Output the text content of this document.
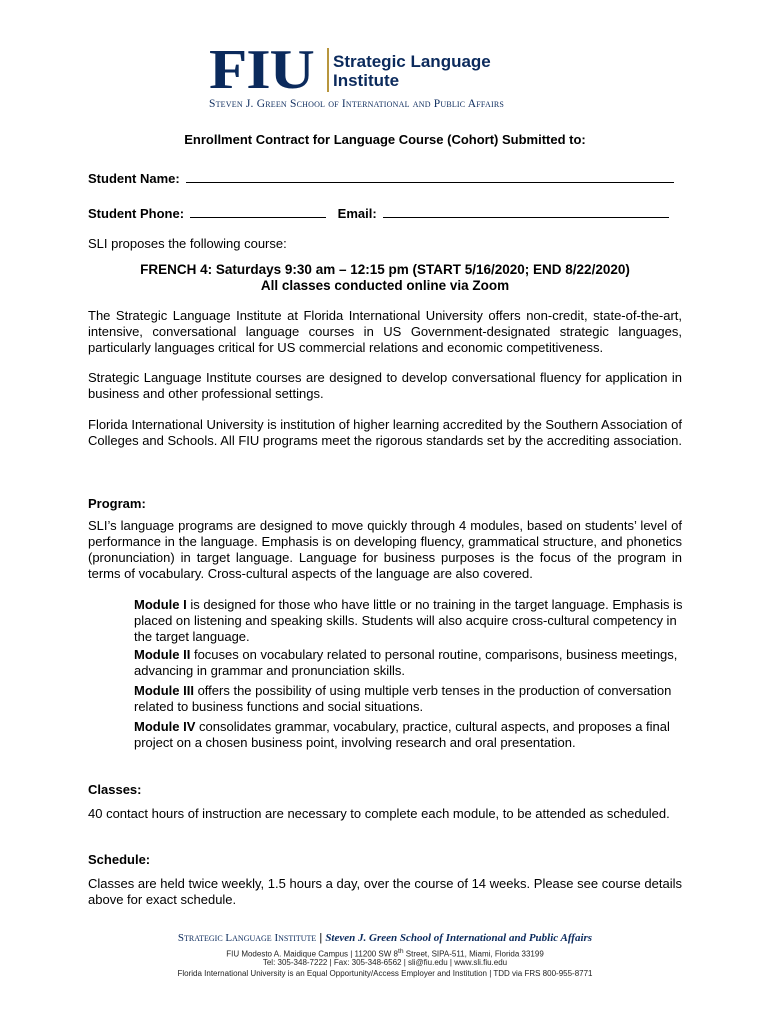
FIU Strategic Language
Institute
Steven J. Green School of International and Public Affairs
Enrollment Contract for Language Course (Cohort) Submitted to:
Student Name:
Student Phone:	Email:
SLI proposes the following course:
FRENCH 4: Saturdays 9:30 am – 12:15 pm (START 5/16/2020; END 8/22/2020)
All classes conducted online via Zoom
The Strategic Language Institute at Florida International University offers non-credit, state-of-the-art, intensive, conversational language courses in US Government-designated strategic languages, particularly languages critical for US commercial relations and economic competitiveness.
Strategic Language Institute courses are designed to develop conversational fluency for application in business and other professional settings.
Florida International University is institution of higher learning accredited by the Southern Association of Colleges and Schools. All FIU programs meet the rigorous standards set by the accrediting association.
Program:
SLI’s language programs are designed to move quickly through 4 modules, based on students’ level of performance in the language. Emphasis is on developing fluency, grammatical structure, and phonetics (pronunciation) in target language. Language for business purposes is the focus of the program in terms of vocabulary. Cross-cultural aspects of the language are also covered.
Module I is designed for those who have little or no training in the target language. Emphasis is placed on listening and speaking skills. Students will also acquire cross-cultural competency in the target language.
Module II focuses on vocabulary related to personal routine, comparisons, business meetings, advancing in grammar and pronunciation skills.
Module III offers the possibility of using multiple verb tenses in the production of conversation related to business functions and social situations.
Module IV consolidates grammar, vocabulary, practice, cultural aspects, and proposes a final project on a chosen business point, involving research and oral presentation.
Classes:
40 contact hours of instruction are necessary to complete each module, to be attended as scheduled.
Schedule:
Classes are held twice weekly, 1.5 hours a day, over the course of 14 weeks. Please see course details above for exact schedule.
Strategic Language Institute | Steven J. Green School of International and Public Affairs
FIU Modesto A. Maidique Campus | 11200 SW 8th Street, SIPA-511, Miami, Florida 33199
Tel: 305-348-7222 | Fax: 305-348-6562 | sli@fiu.edu | www.sli.fiu.edu
Florida International University is an Equal Opportunity/Access Employer and Institution | TDD via FRS 800-955-8771
